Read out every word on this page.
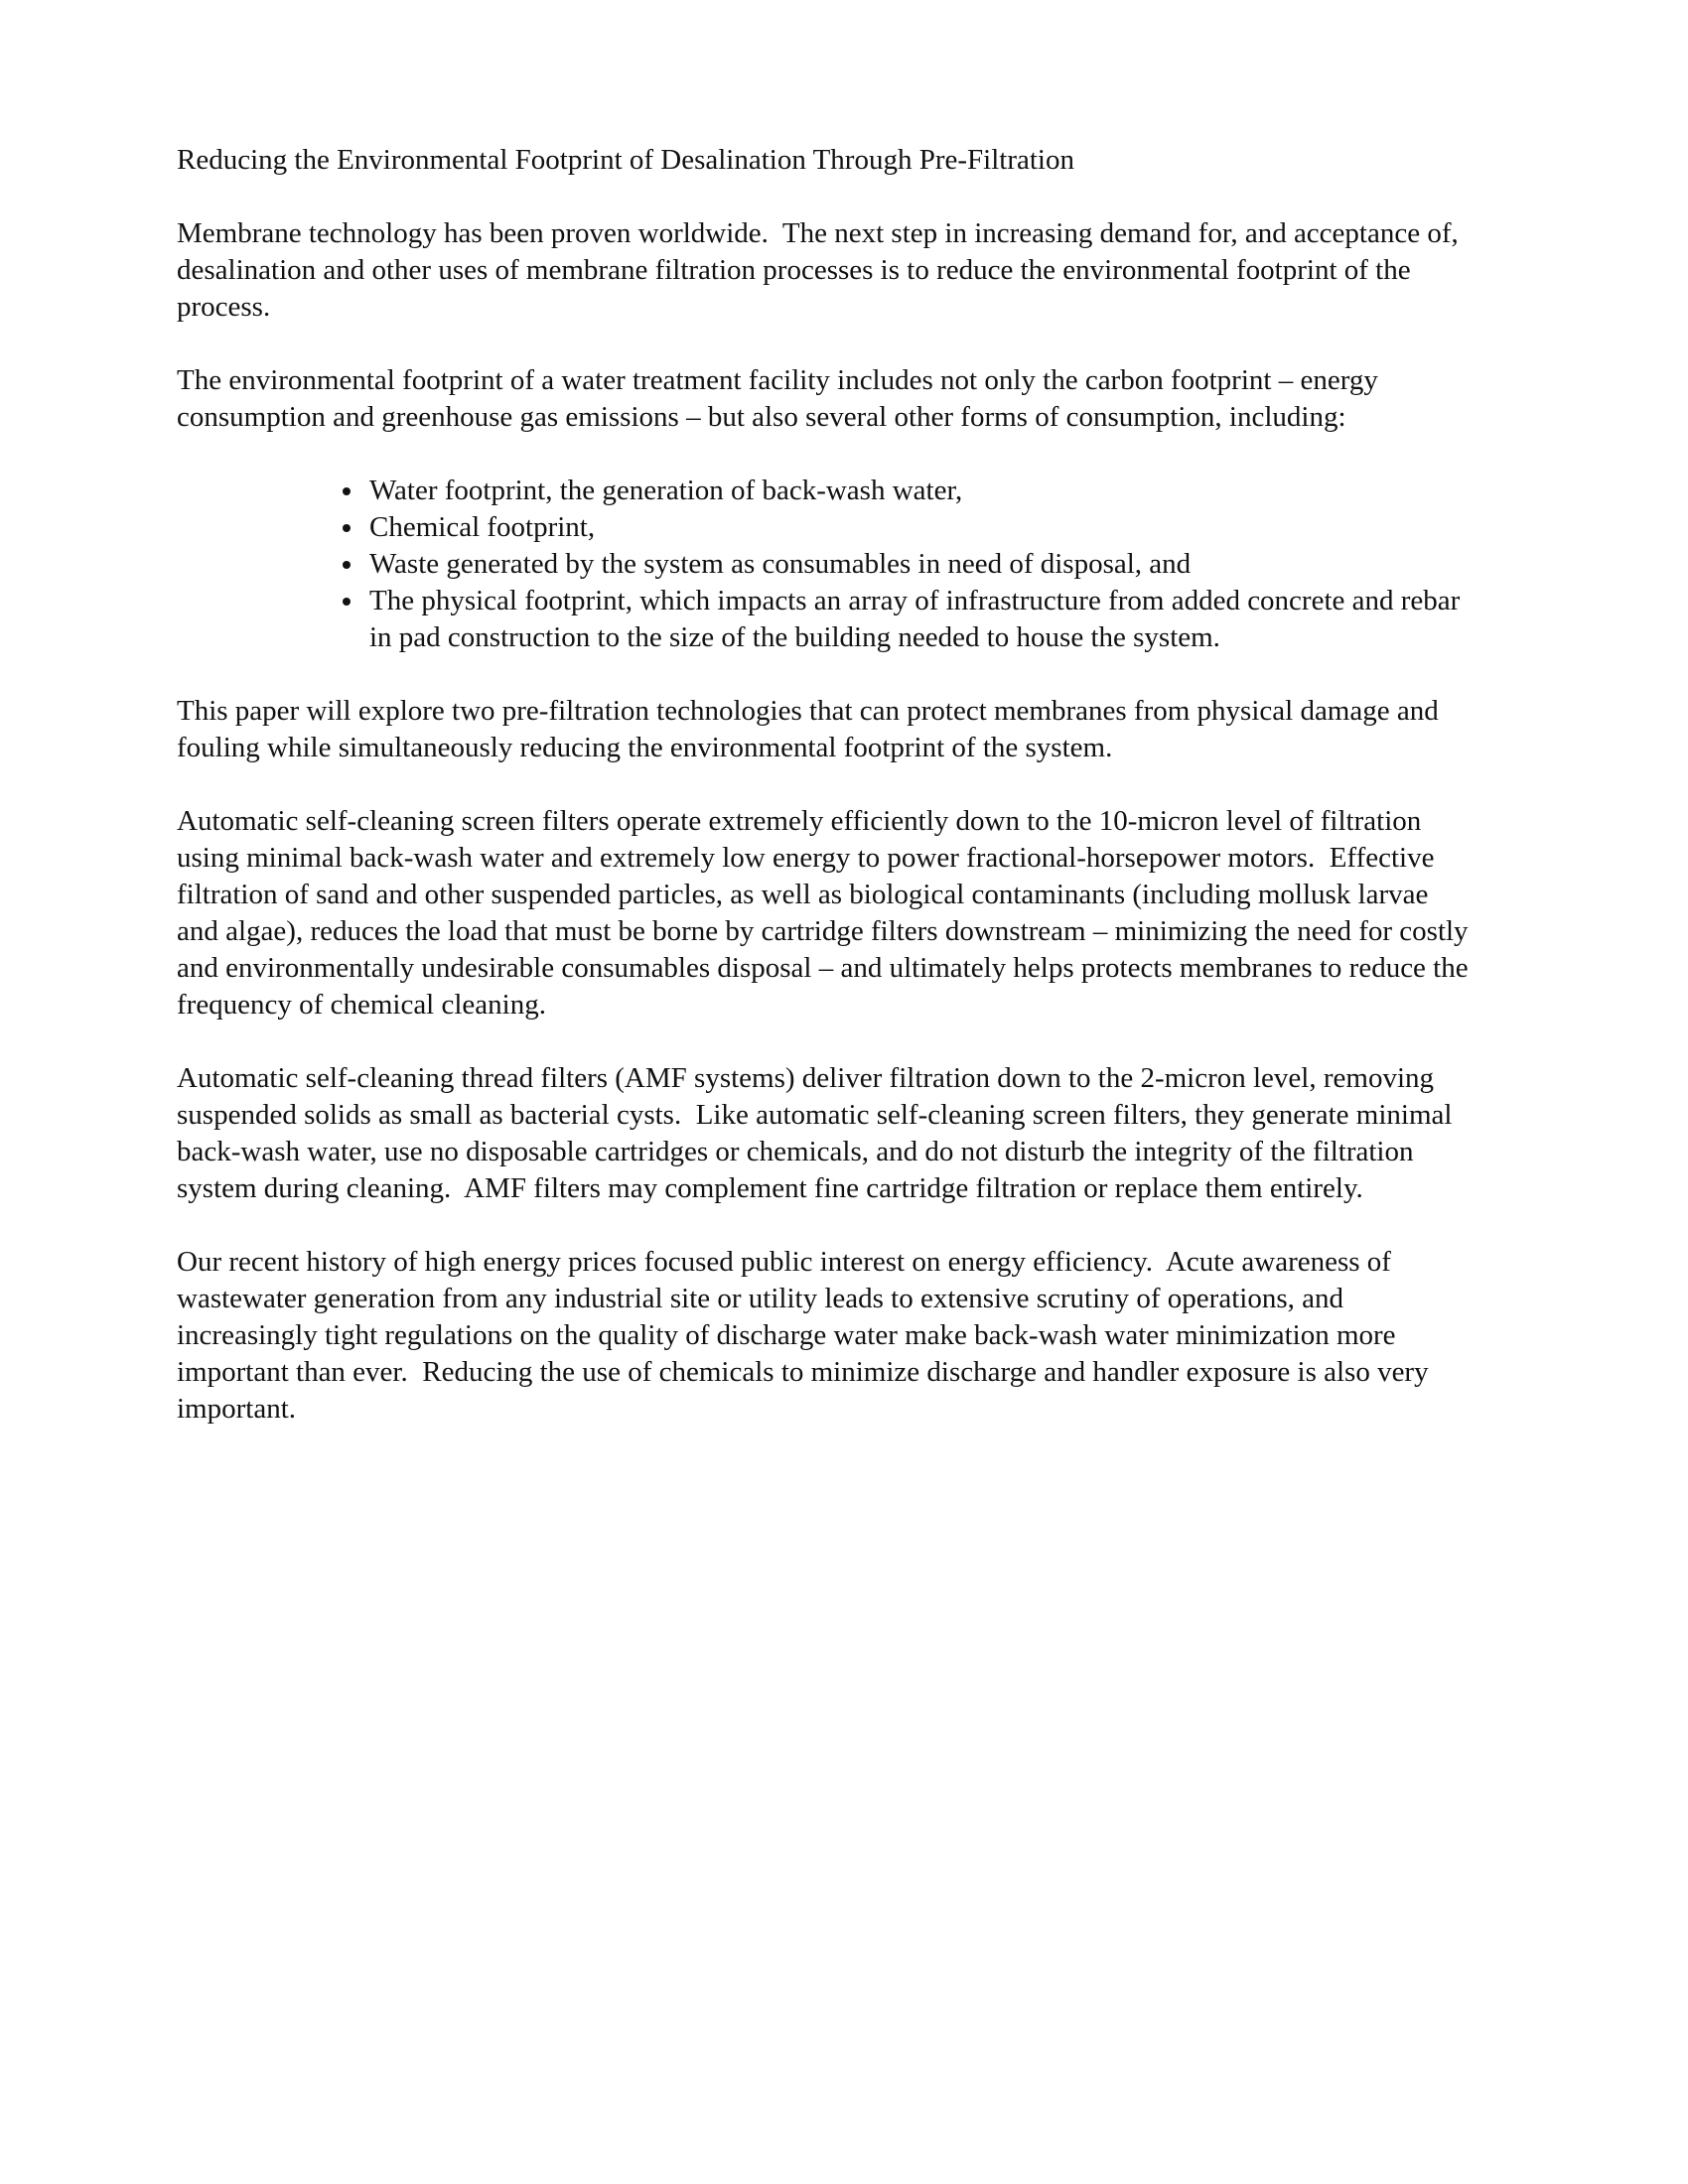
Reducing the Environmental Footprint of Desalination Through Pre-Filtration

Membrane technology has been proven worldwide.  The next step in increasing demand for, and acceptance of, desalination and other uses of membrane filtration processes is to reduce the environmental footprint of the process.

The environmental footprint of a water treatment facility includes not only the carbon footprint – energy consumption and greenhouse gas emissions – but also several other forms of consumption, including:

• Water footprint, the generation of back-wash water,
• Chemical footprint,
• Waste generated by the system as consumables in need of disposal, and
• The physical footprint, which impacts an array of infrastructure from added concrete and rebar in pad construction to the size of the building needed to house the system.

This paper will explore two pre-filtration technologies that can protect membranes from physical damage and fouling while simultaneously reducing the environmental footprint of the system.

Automatic self-cleaning screen filters operate extremely efficiently down to the 10-micron level of filtration using minimal back-wash water and extremely low energy to power fractional-horsepower motors.  Effective filtration of sand and other suspended particles, as well as biological contaminants (including mollusk larvae and algae), reduces the load that must be borne by cartridge filters downstream – minimizing the need for costly and environmentally undesirable consumables disposal – and ultimately helps protects membranes to reduce the frequency of chemical cleaning.

Automatic self-cleaning thread filters (AMF systems) deliver filtration down to the 2-micron level, removing suspended solids as small as bacterial cysts.  Like automatic self-cleaning screen filters, they generate minimal back-wash water, use no disposable cartridges or chemicals, and do not disturb the integrity of the filtration system during cleaning.  AMF filters may complement fine cartridge filtration or replace them entirely.

Our recent history of high energy prices focused public interest on energy efficiency.  Acute awareness of wastewater generation from any industrial site or utility leads to extensive scrutiny of operations, and increasingly tight regulations on the quality of discharge water make back-wash water minimization more important than ever.  Reducing the use of chemicals to minimize discharge and handler exposure is also very important.
